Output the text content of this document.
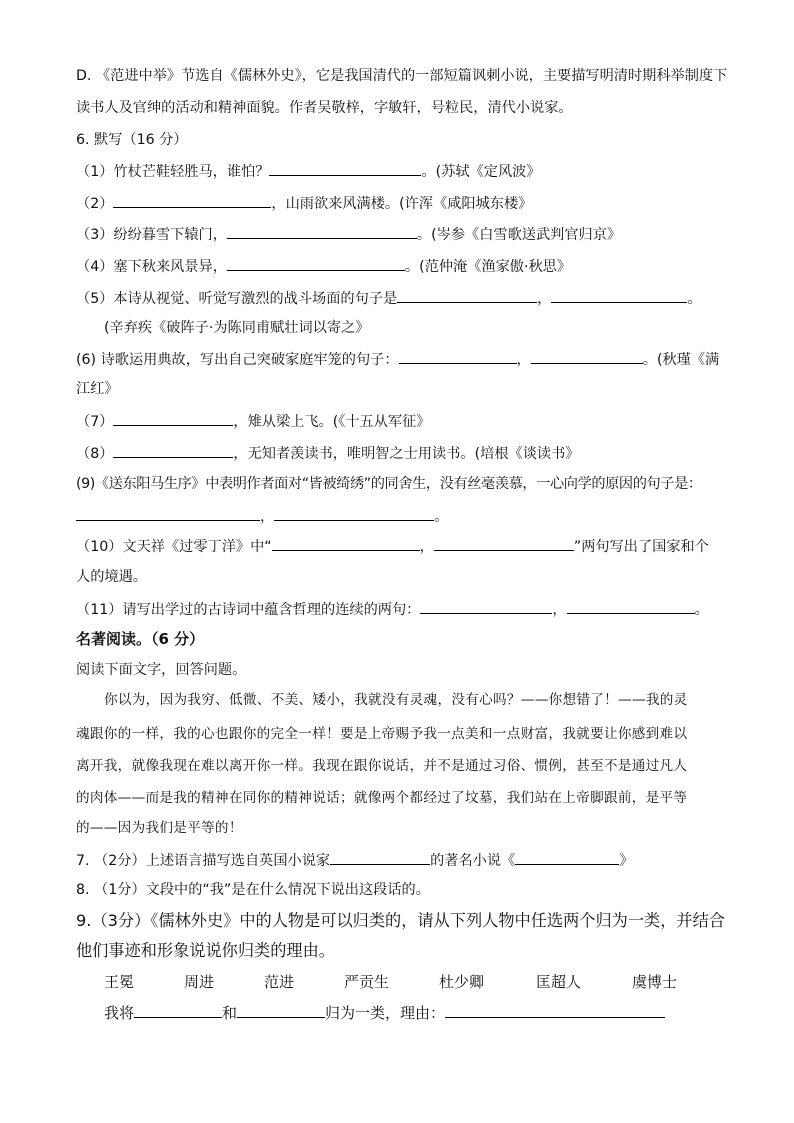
D. 《范进中举》节选自《儒林外史》，它是我国清代的一部短篇讽刺小说，主要描写明清时期科举制度下
读书人及官绅的活动和精神面貌。作者吴敬梓，字敏轩，号粒民，清代小说家。
6. 默写（16 分）
（1）竹杖芒鞋轻胜马，谁怕？	。(苏轼《定风波》
（2）	，山雨欲来风满楼。(许浑《咸阳城东楼》
（3）纷纷暮雪下辕门，	。(岑参《白雪歌送武判官归京》
（4）塞下秋来风景异，	。(范仲淹《渔家傲·秋思》
（5）本诗从视觉、听觉写激烈的战斗场面的句子是	，	。
(辛弃疾《破阵子·为陈同甫赋壮词以寄之》
(6) 诗歌运用典故，写出自己突破家庭牢笼的句子：	，	。(秋瑾《满
江红》
（7）	，雉从梁上飞。(《十五从军征》
（8）	，无知者羡读书，唯明智之士用读书。(培根《谈读书》
(9)《送东阳马生序》中表明作者面对“皆被绮绣”的同舍生，没有丝毫羡慕，一心向学的原因的句子是：
，	。
（10）文天祥《过零丁洋》中“	，	”两句写出了国家和个
人的境遇。
（11）请写出学过的古诗词中蕴含哲理的连续的两句：	，	。
名著阅读。（6 分）
阅读下面文字，回答问题。
你以为，因为我穷、低微、不美、矮小，我就没有灵魂，没有心吗？——你想错了！——我的灵
魂跟你的一样，我的心也跟你的完全一样！要是上帝赐予我一点美和一点财富，我就要让你感到难以
离开我，就像我现在难以离开你一样。我现在跟你说话，并不是通过习俗、惯例，甚至不是通过凡人
的肉体——而是我的精神在同你的精神说话；就像两个都经过了坟墓，我们站在上帝脚跟前，是平等
的——因为我们是平等的！
7. （2分）上述语言描写选自英国小说家	的著名小说《	》
8. （1分）文段中的“我”是在什么情况下说出这段话的。
9.（3分）《儒林外史》中的人物是可以归类的，请从下列人物中任选两个归为一类，并结合
他们事迹和形象说说你归类的理由。
王冕	周进	范进	严贡生	杜少卿	匡超人	虞博士
我将	和	归为一类，理由：
